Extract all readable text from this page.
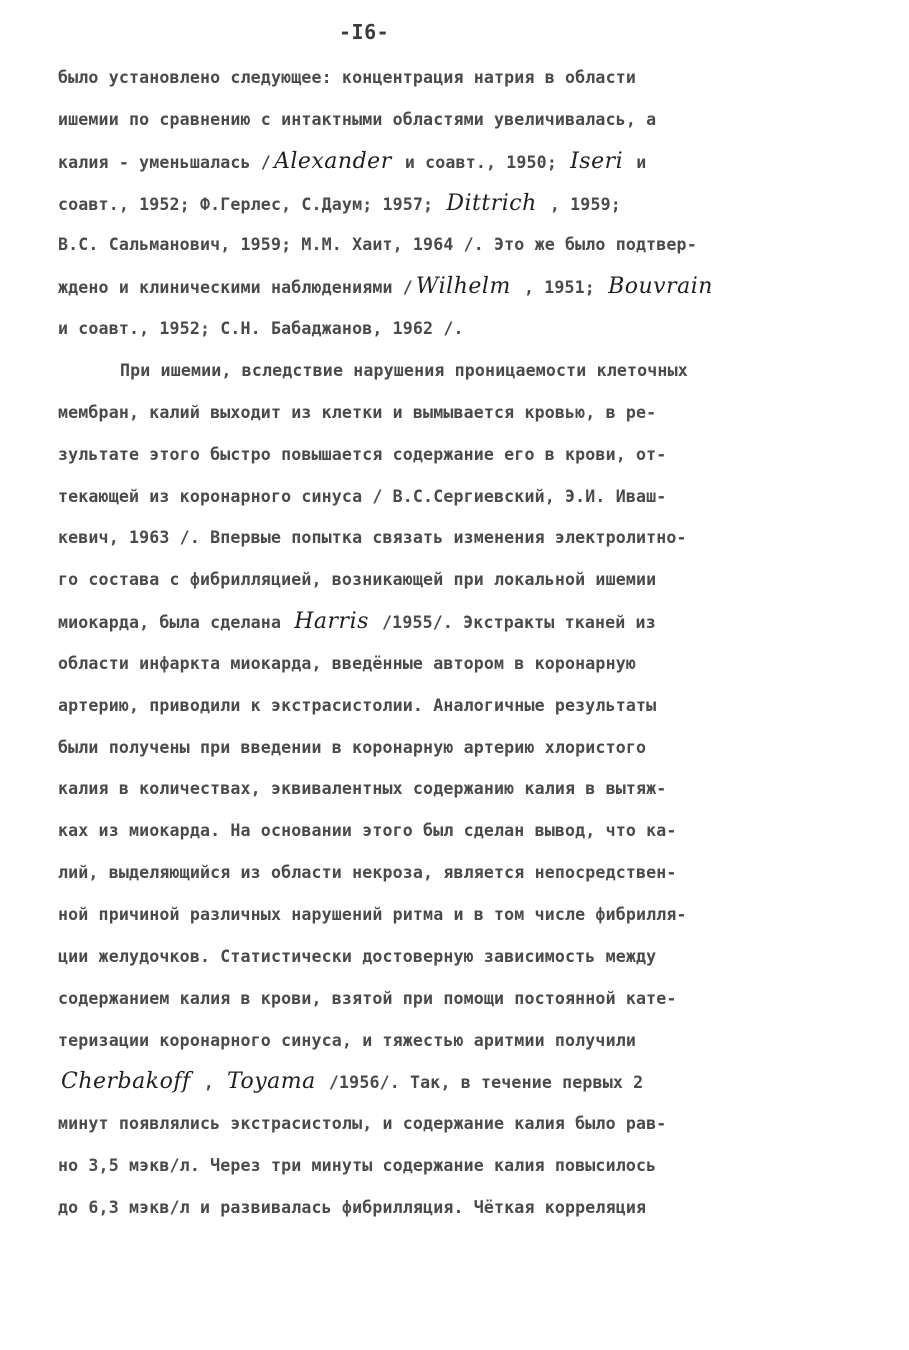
-I6-
было установлено следующее: концентрация натрия в области
ишемии по сравнению с интактными областями увеличивалась, а
калия - уменьшалась / Alexander и соавт., 1950; Iseri и
соавт., 1952; Ф.Герлес, С.Даум; 1957; Dittrich , 1959;
В.С. Сальманович, 1959; М.М. Хаит, 1964 /. Это же было подтвер-
ждено и клиническими наблюдениями / Wilhelm , 1951; Bouvrain
и соавт., 1952; С.Н. Бабаджанов, 1962 /.
При ишемии, вследствие нарушения проницаемости клеточных
мембран, калий выходит из клетки и вымывается кровью, в ре-
зультате этого быстро повышается содержание его в крови, от-
текающей из коронарного синуса / В.С.Сергиевский, Э.И. Иваш-
кевич, 1963 /. Впервые попытка связать изменения электролитно-
го состава с фибрилляцией, возникающей при локальной ишемии
миокарда, была сделана Harris /1955/. Экстракты тканей из
области инфаркта миокарда, введённые автором в коронарную
артерию, приводили к экстрасистолии. Аналогичные результаты
были получены при введении в коронарную артерию хлористого
калия в количествах, эквивалентных содержанию калия в вытяж-
ках из миокарда. На основании этого был сделан вывод, что ка-
лий, выделяющийся из области некроза, является непосредствен-
ной причиной различных нарушений ритма и в том числе фибрилля-
ции желудочков. Статистически достоверную зависимость между
содержанием калия в крови, взятой при помощи постоянной кате-
теризации коронарного синуса, и тяжестью аритмии получили
Cherbakoff , Toyama /1956/. Так, в течение первых 2
минут появлялись экстрасистолы, и содержание калия было рав-
но 3,5 мэкв/л. Через три минуты содержание калия повысилось
до 6,3 мэкв/л и развивалась фибрилляция. Чёткая корреляция
